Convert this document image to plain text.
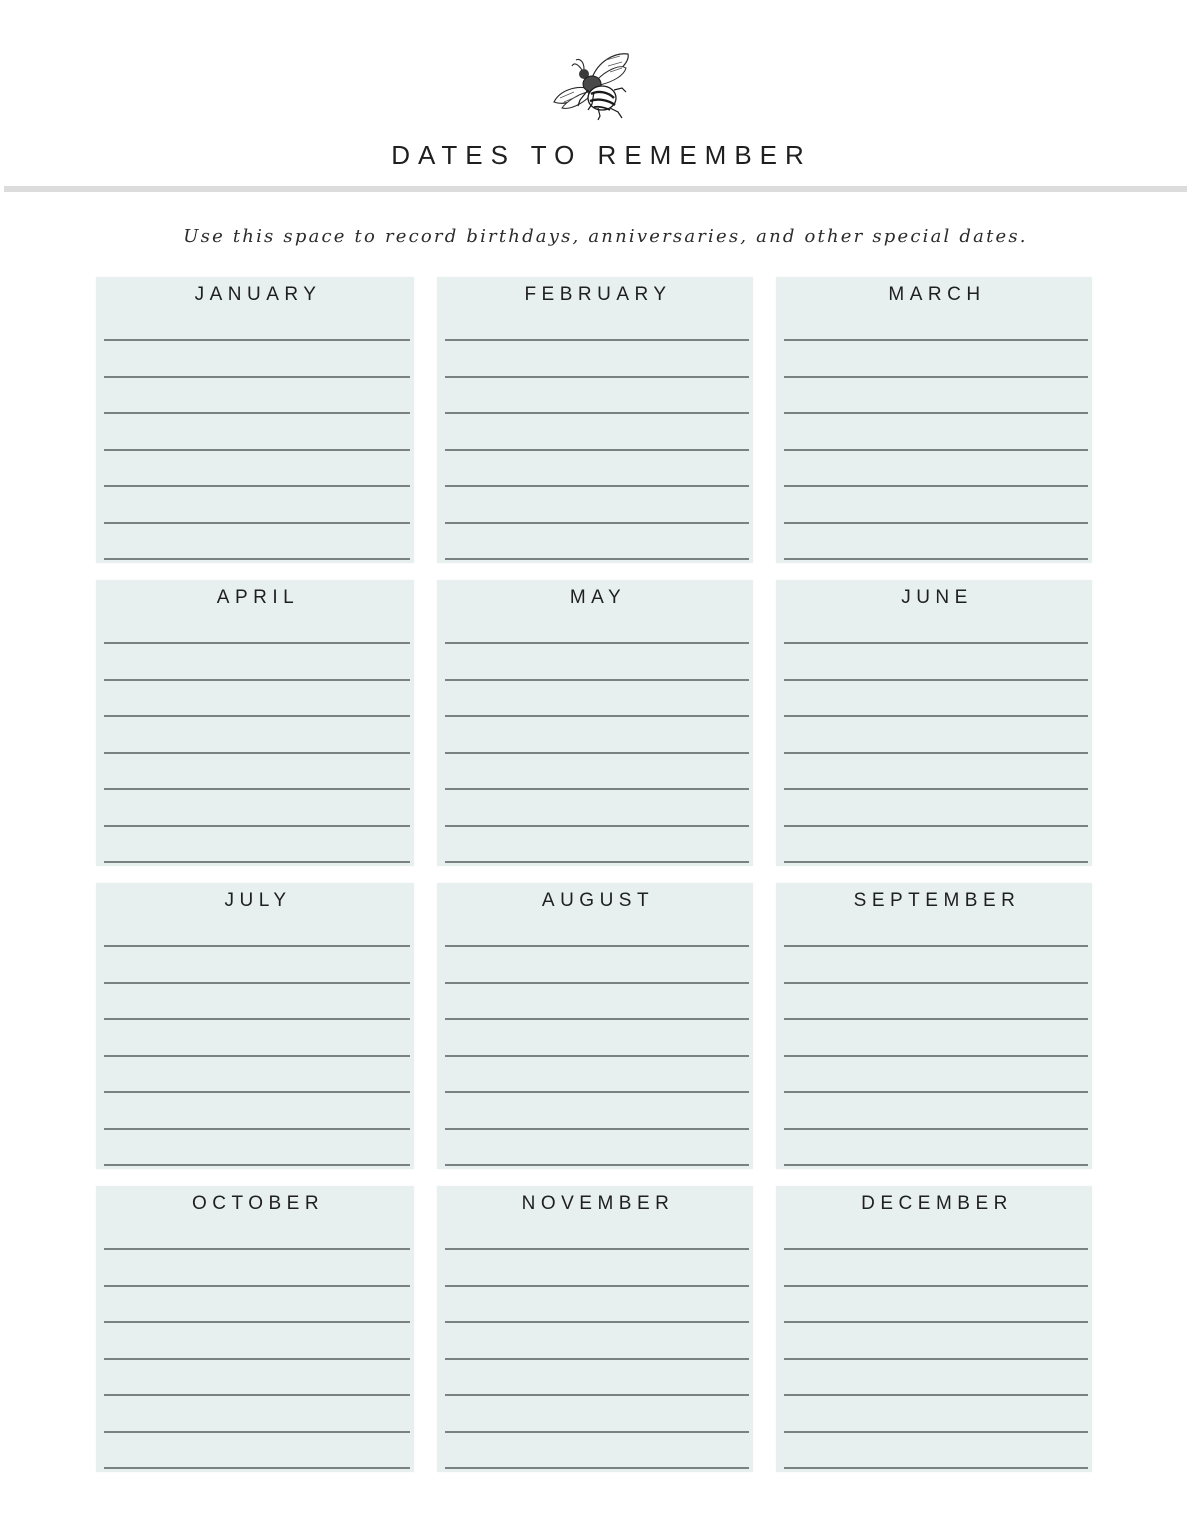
DATES TO REMEMBER
Use this space to record birthdays, anniversaries, and other special dates.
JANUARY	FEBRUARY	MARCH
APRIL	MAY	JUNE
JULY	AUGUST	SEPTEMBER
OCTOBER	NOVEMBER	DECEMBER
